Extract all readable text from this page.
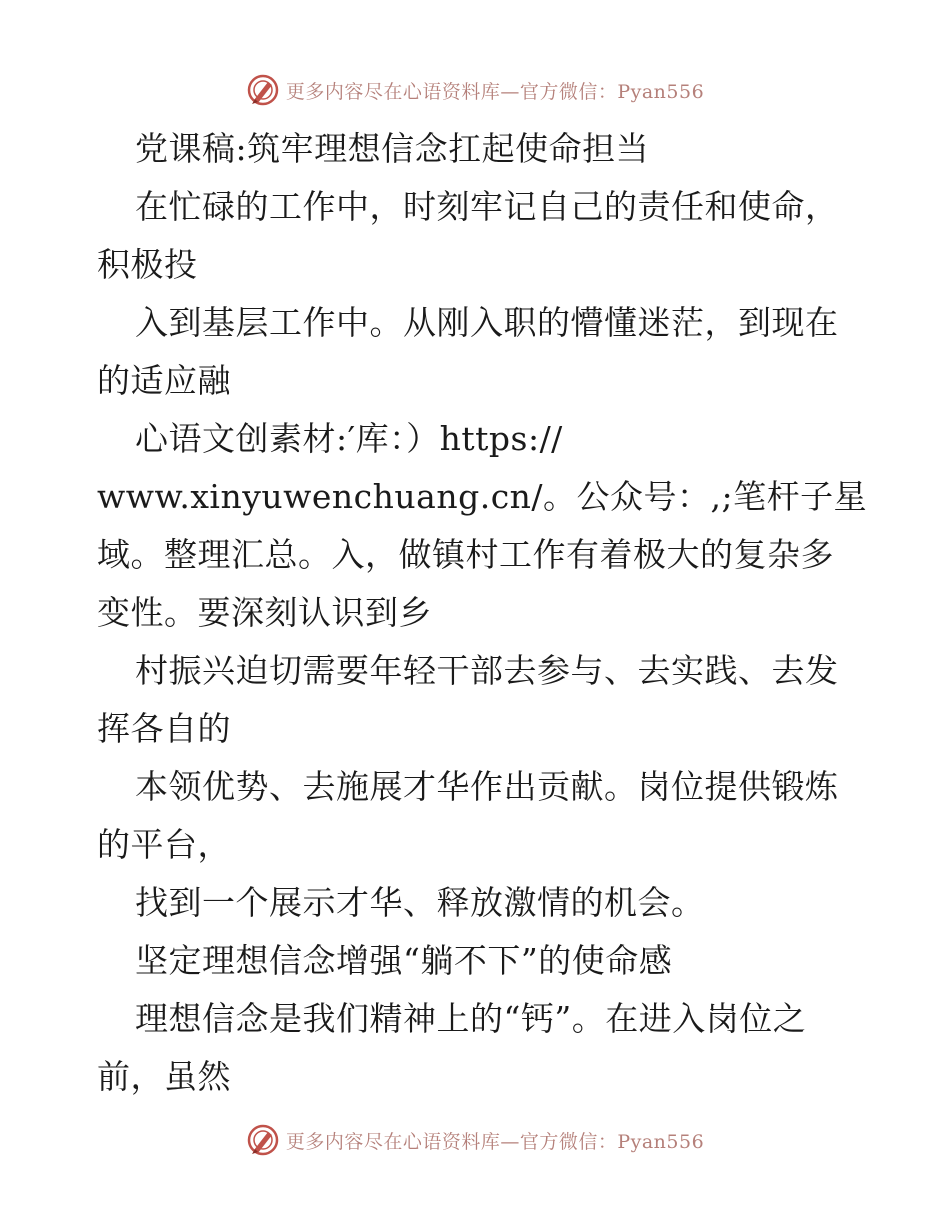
更多内容尽在心语资料库—官方微信：Pyan556
党课稿:筑牢理想信念扛起使命担当
在忙碌的工作中，时刻牢记自己的责任和使命，
积极投
入到基层工作中。从刚入职的懵懂迷茫，到现在
的适应融
心语文创素材:′库：）https://
www.xinyuwenchuang.cn/。公众号：,;笔杆子星
域。整理汇总。入，做镇村工作有着极大的复杂多
变性。要深刻认识到乡
村振兴迫切需要年轻干部去参与、去实践、去发
挥各自的
本领优势、去施展才华作出贡献。岗位提供锻炼
的平台，
找到一个展示才华、释放激情的机会。
坚定理想信念增强“躺不下”的使命感
理想信念是我们精神上的“钙”。在进入岗位之
前，虽然
更多内容尽在心语资料库—官方微信：Pyan556
